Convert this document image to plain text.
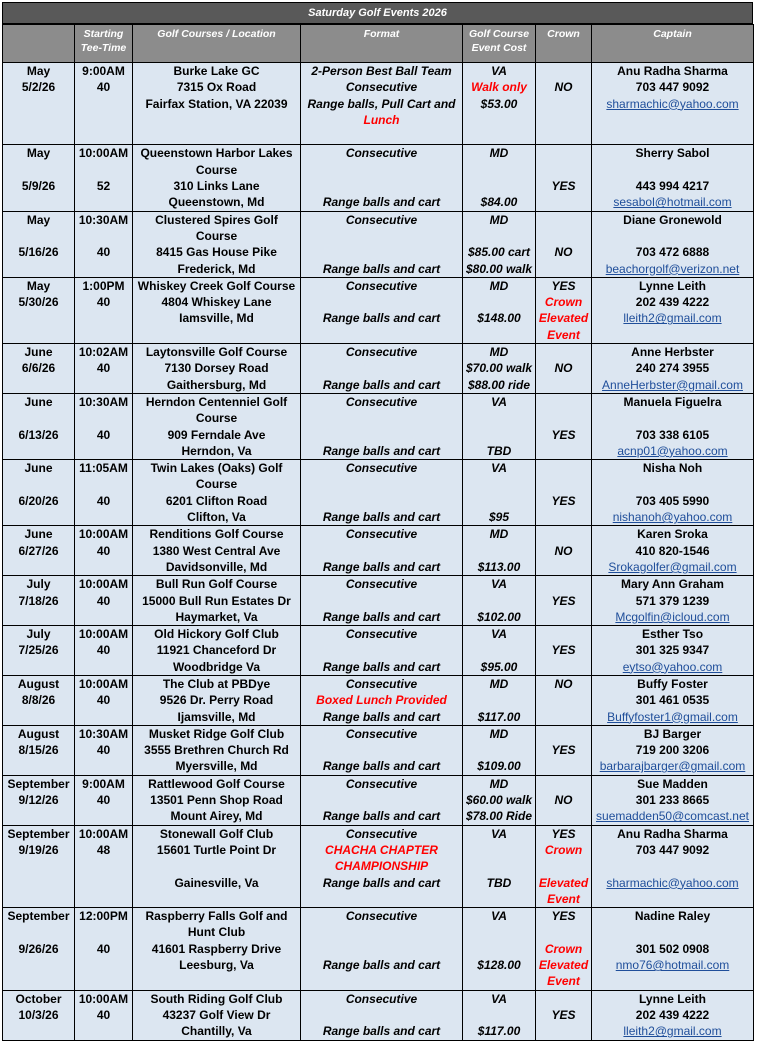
Saturday Golf Events 2026
	Starting
Tee-Time	Golf Courses / Location	Format	Golf Course
Event Cost	Crown	Captain

May
5/2/26	9:00AM
40	Burke Lake GC
7315 Ox Road
Fairfax Station, VA 22039	2-Person Best Ball Team
Consecutive
Range balls, Pull Cart and
Lunch	VA
Walk only
$53.00	NO	Anu Radha Sharma
703 447 9092
sharmachic@yahoo.com

May
5/9/26	10:00AM
52	Queenstown Harbor Lakes
Course
310 Links Lane
Queenstown, Md	Consecutive
Range balls and cart	MD
$84.00	YES	Sherry Sabol
443 994 4217
sesabol@hotmail.com

May
5/16/26	10:30AM
40	Clustered Spires Golf
Course
8415 Gas House Pike
Frederick, Md	Consecutive
Range balls and cart	MD
$85.00 cart
$80.00 walk	NO	Diane Gronewold
703 472 6888
beachorgolf@verizon.net

May
5/30/26	1:00PM
40	Whiskey Creek Golf Course
4804 Whiskey Lane
Iamsville, Md	Consecutive
Range balls and cart	MD
$148.00	YES
Crown
Elevated
Event	Lynne Leith
202 439 4222
lleith2@gmail.com

June
6/6/26	10:02AM
40	Laytonsville Golf Course
7130 Dorsey Road
Gaithersburg, Md	Consecutive
Range balls and cart	MD
$70.00 walk
$88.00 ride	NO	Anne Herbster
240 274 3955
AnneHerbster@gmail.com

June
6/13/26	10:30AM
40	Herndon Centenniel Golf
Course
909 Ferndale Ave
Herndon, Va	Consecutive
Range balls and cart	VA
TBD	YES	Manuela Figuelra
703 338 6105
acnp01@yahoo.com

June
6/20/26	11:05AM
40	Twin Lakes (Oaks) Golf
Course
6201 Clifton Road
Clifton, Va	Consecutive
Range balls and cart	VA
$95	YES	Nisha Noh
703 405 5990
nishanoh@yahoo.com

June
6/27/26	10:00AM
40	Renditions Golf Course
1380 West Central Ave
Davidsonville, Md	Consecutive
Range balls and cart	MD
$113.00	NO	Karen Sroka
410 820-1546
Srokagolfer@gmail.com

July
7/18/26	10:00AM
40	Bull Run Golf Course
15000 Bull Run Estates Dr
Haymarket, Va	Consecutive
Range balls and cart	VA
$102.00	YES	Mary Ann Graham
571 379 1239
Mcgolfin@icloud.com

July
7/25/26	10:00AM
40	Old Hickory Golf Club
11921 Chanceford Dr
Woodbridge Va	Consecutive
Range balls and cart	VA
$95.00	YES	Esther Tso
301 325 9347
eytso@yahoo.com

August
8/8/26	10:00AM
40	The Club at PBDye
9526 Dr. Perry Road
Ijamsville, Md	Consecutive
Boxed Lunch Provided
Range balls and cart	MD
$117.00	NO	Buffy Foster
301 461 0535
Buffyfoster1@gmail.com

August
8/15/26	10:30AM
40	Musket Ridge Golf Club
3555 Brethren Church Rd
Myersville, Md	Consecutive
Range balls and cart	MD
$109.00	YES	BJ Barger
719 200 3206
barbarajbarger@gmail.com

September
9/12/26	9:00AM
40	Rattlewood Golf Course
13501 Penn Shop Road
Mount Airey, Md	Consecutive
Range balls and cart	MD
$60.00 walk
$78.00 Ride	NO	Sue Madden
301 233 8665
suemadden50@comcast.net

September
9/19/26	10:00AM
48	Stonewall Golf Club
15601 Turtle Point Dr
Gainesville, Va	Consecutive
CHACHA CHAPTER
CHAMPIONSHIP
Range balls and cart	VA
TBD	YES
Crown
Elevated
Event	Anu Radha Sharma
703 447 9092
sharmachic@yahoo.com

September
9/26/26	12:00PM
40	Raspberry Falls Golf and
Hunt Club
41601 Raspberry Drive
Leesburg, Va	Consecutive
Range balls and cart	VA
$128.00	YES
Crown
Elevated
Event	Nadine Raley
301 502 0908
nmo76@hotmail.com

October
10/3/26	10:00AM
40	South Riding Golf Club
43237 Golf View Dr
Chantilly, Va	Consecutive
Range balls and cart	VA
$117.00	YES	Lynne Leith
202 439 4222
lleith2@gmail.com
